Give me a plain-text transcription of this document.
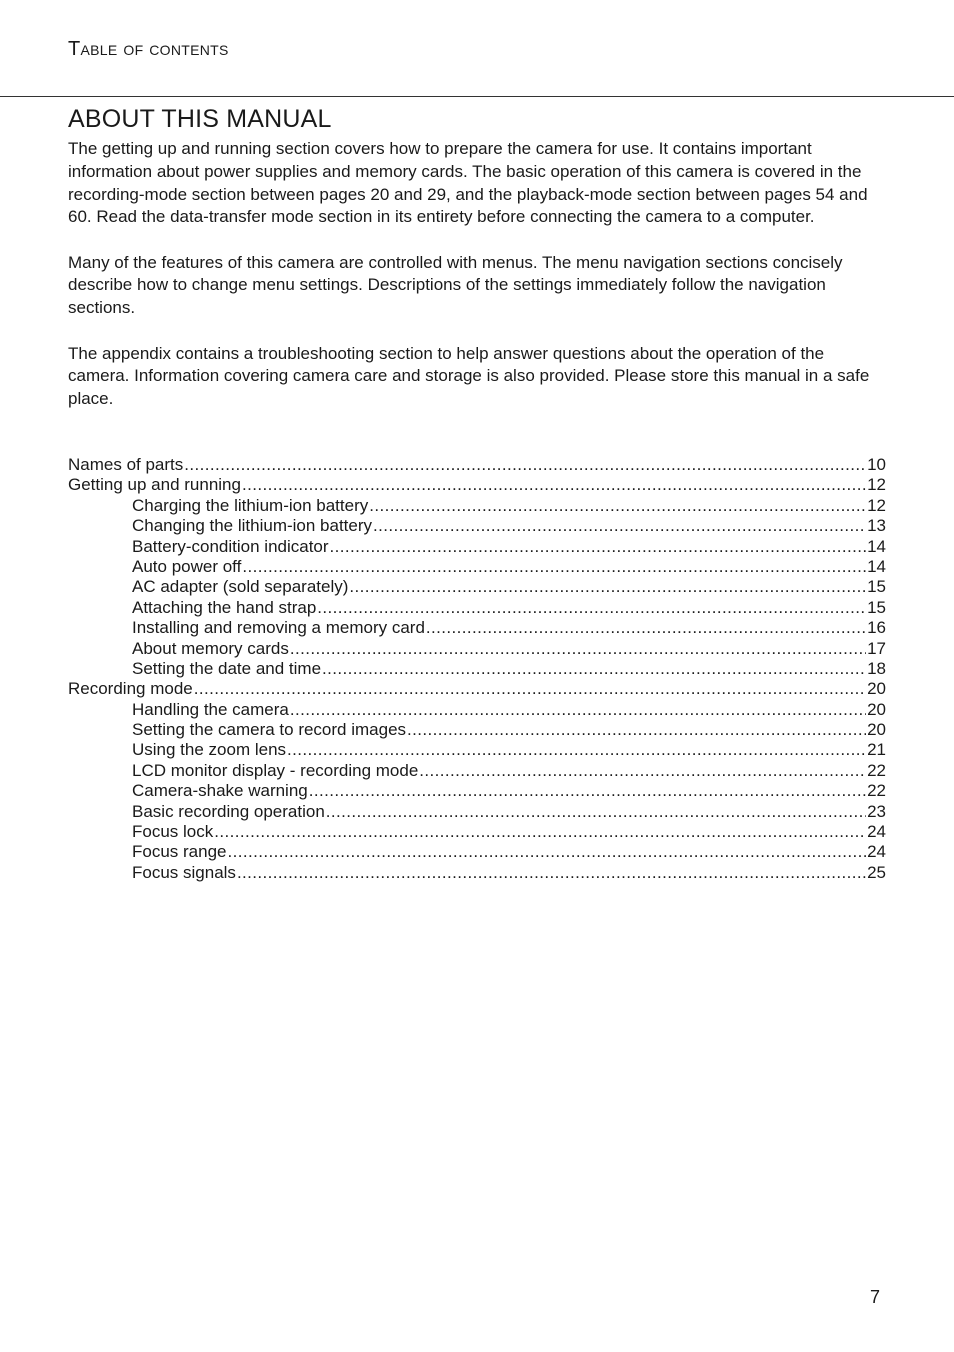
Table of contents
ABOUT THIS MANUAL

The getting up and running section covers how to prepare the camera for use. It contains important information about power supplies and memory cards. The basic operation of this camera is covered in the recording-mode section between pages 20 and 29, and the playback-mode section between pages 54 and 60. Read the data-transfer mode section in its entirety before connecting the camera to a computer.

Many of the features of this camera are controlled with menus. The menu navigation sections concisely describe how to change menu settings. Descriptions of the settings immediately follow the navigation sections.

The appendix contains a troubleshooting section to help answer questions about the operation of the camera. Information covering camera care and storage is also provided. Please store this manual in a safe place.

Names of parts .....	10
Getting up and running .....	12
Charging the lithium-ion battery .....	12
Changing the lithium-ion battery .....	13
Battery-condition indicator .....	14
Auto power off .....	14
AC adapter (sold separately) .....	15
Attaching the hand strap .....	15
Installing and removing a memory card .....	16
About memory cards .....	17
Setting the date and time .....	18
Recording mode .....	20
Handling the camera .....	20
Setting the camera to record images .....	20
Using the zoom lens .....	21
LCD monitor display - recording mode .....	22
Camera-shake warning .....	22
Basic recording operation .....	23
Focus lock .....	24
Focus range .....	24
Focus signals .....	25
7
